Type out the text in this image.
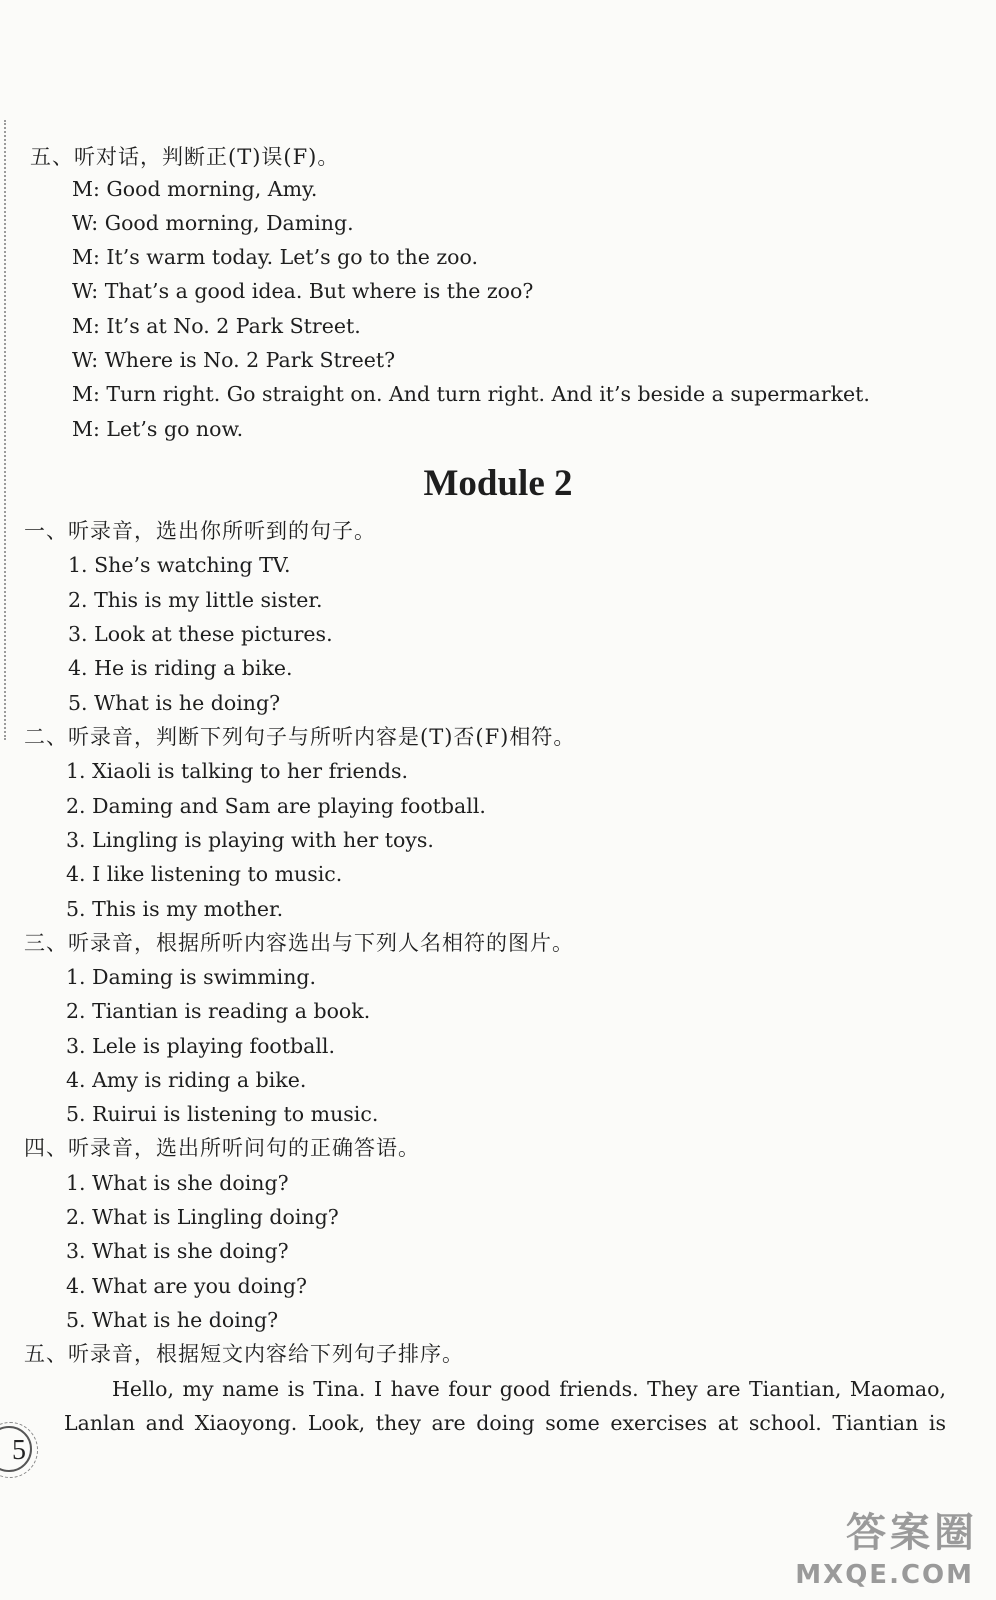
五、听对话，判断正(T)误(F)。
M: Good morning, Amy.
W: Good morning, Daming.
M: It’s warm today. Let’s go to the zoo.
W: That’s a good idea. But where is the zoo?
M: It’s at No. 2 Park Street.
W: Where is No. 2 Park Street?
M: Turn right. Go straight on. And turn right. And it’s beside a supermarket.
M: Let’s go now.
Module 2
一、听录音，选出你所听到的句子。
1. She’s watching TV.
2. This is my little sister.
3. Look at these pictures.
4. He is riding a bike.
5. What is he doing?
二、听录音，判断下列句子与所听内容是(T)否(F)相符。
1. Xiaoli is talking to her friends.
2. Daming and Sam are playing football.
3. Lingling is playing with her toys.
4. I like listening to music.
5. This is my mother.
三、听录音，根据所听内容选出与下列人名相符的图片。
1. Daming is swimming.
2. Tiantian is reading a book.
3. Lele is playing football.
4. Amy is riding a bike.
5. Ruirui is listening to music.
四、听录音，选出所听问句的正确答语。
1. What is she doing?
2. What is Lingling doing?
3. What is she doing?
4. What are you doing?
5. What is he doing?
五、听录音，根据短文内容给下列句子排序。
Hello, my name is Tina. I have four good friends. They are Tiantian, Maomao,
Lanlan and Xiaoyong. Look, they are doing some exercises at school. Tiantian is
5
答案圈
MXQE.COM
